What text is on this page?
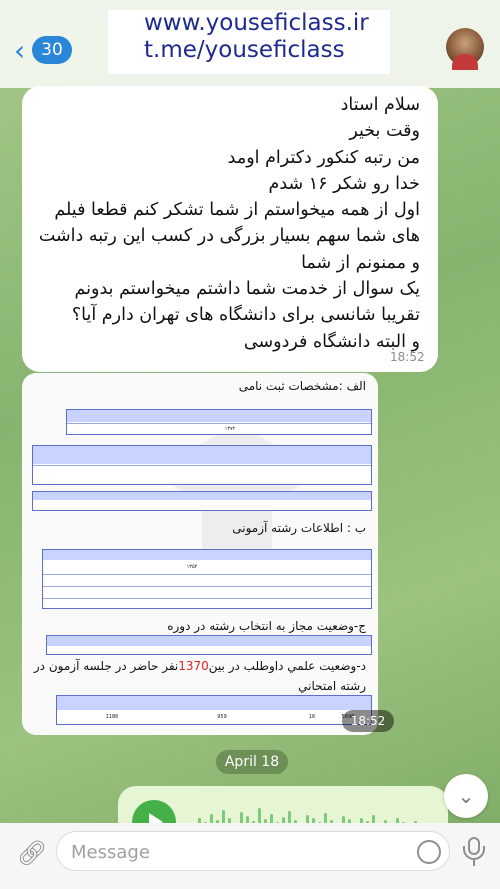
‹ 30
www.youseficlass.ir
t.me/youseficlass
سلام استاد
وقت بخیر
من رتبه کنکور دکترام اومد
خدا رو شکر ۱۶ شدم
اول از همه میخواستم از شما تشکر کنم قطعا فیلم
های شما سهم بسیار بزرگی در کسب این رتبه داشت
و ممنونم از شما
یک سوال از خدمت شما داشتم میخواستم بدونم
تقریبا شانسی برای دانشگاه های تهران دارم آیا؟
و البته دانشگاه فردوسی
18:52
الف :مشخصات ثبت نامی
۱۳۷۲
ب : اطلاعات رشته آزمونی
۱۳۵۴
ج-وضعیت مجاز به انتخاب رشته در دوره
د-وضعیت علمي داوطلب در بين1370نفر حاضر در جلسه آزمون در
رشته امتحاني
5698
16
959
1186	18:52
April 18
⌄
🔗︎
Message
